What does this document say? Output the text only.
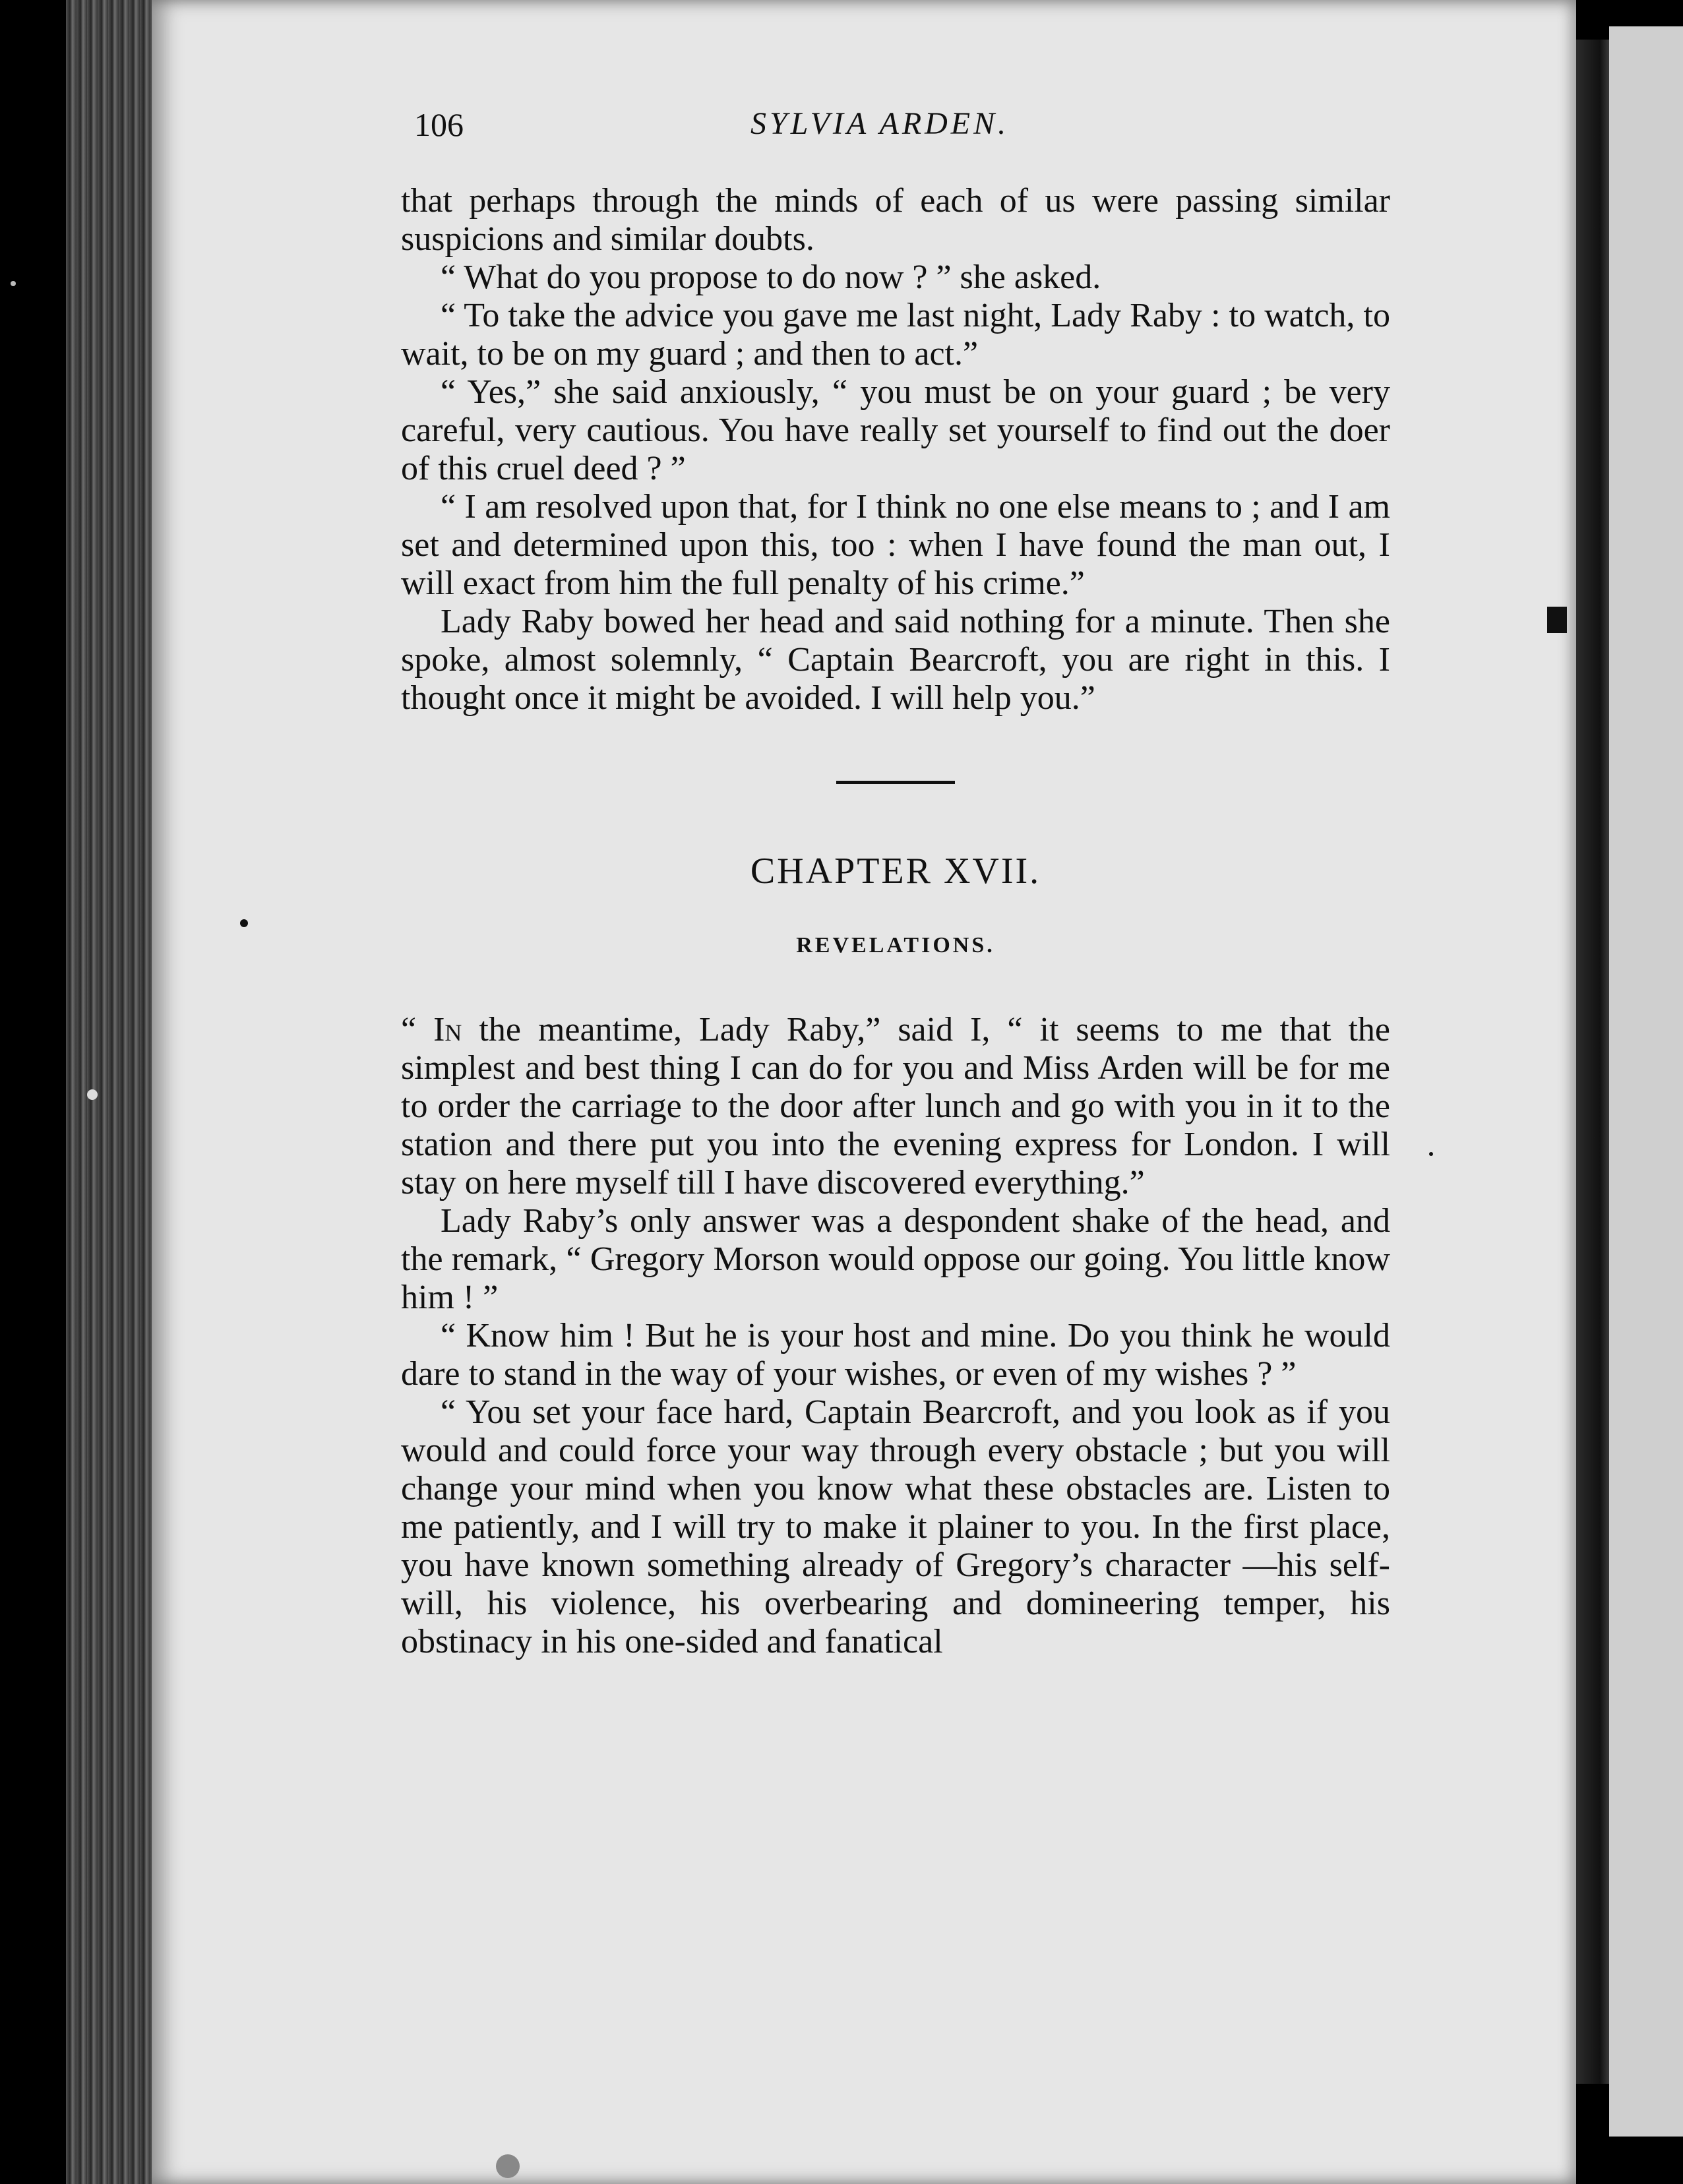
106	SYLVIA ARDEN.

that perhaps through the minds of each of us were passing similar suspicions and similar doubts.

“ What do you propose to do now ? ” she asked.

“ To take the advice you gave me last night, Lady Raby : to watch, to wait, to be on my guard ; and then to act.”

“ Yes,” she said anxiously, “ you must be on your guard ; be very careful, very cautious. You have really set yourself to find out the doer of this cruel deed ? ”

“ I am resolved upon that, for I think no one else means to ; and I am set and determined upon this, too : when I have found the man out, I will exact from him the full penalty of his crime.”

Lady Raby bowed her head and said nothing for a minute. Then she spoke, almost solemnly, “ Captain Bearcroft, you are right in this. I thought once it might be avoided. I will help you.”

CHAPTER XVII.
REVELATIONS.

“ In the meantime, Lady Raby,” said I, “ it seems to me that the simplest and best thing I can do for you and Miss Arden will be for me to order the carriage to the door after lunch and go with you in it to the station and there put you into the evening express for London. I will stay on here myself till I have discovered everything.”

Lady Raby’s only answer was a despondent shake of the head, and the remark, “ Gregory Morson would oppose our going. You little know him ! ”

“ Know him ! But he is your host and mine. Do you think he would dare to stand in the way of your wishes, or even of my wishes ? ”

“ You set your face hard, Captain Bearcroft, and you look as if you would and could force your way through every obstacle ; but you will change your mind when you know what these obstacles are. Listen to me patiently, and I will try to make it plainer to you. In the first place, you have known something already of Gregory’s character —his self-will, his violence, his overbearing and domineering temper, his obstinacy in his one-sided and fanatical
